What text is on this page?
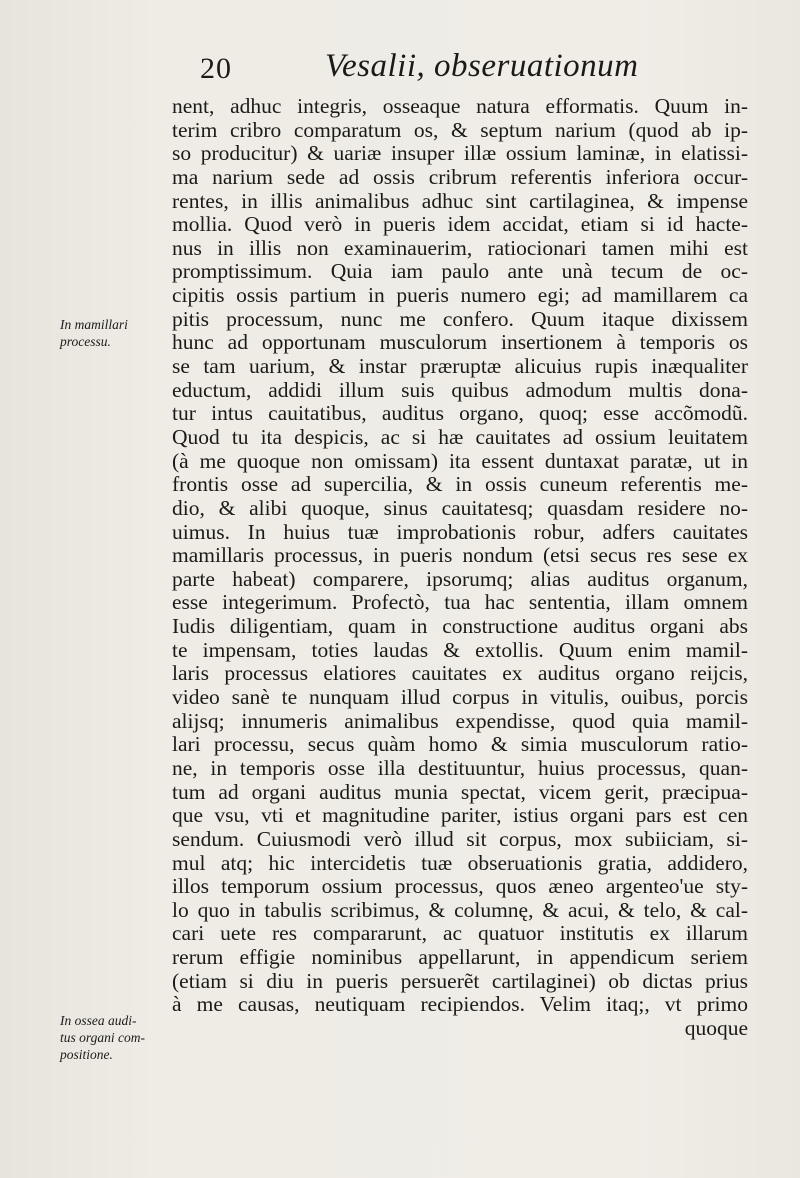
20	Vesalii, obseruationum
In mamillari
processu.
In ossea audi-
tus organi com-
positione.
nent, adhuc integris, osseaque natura efformatis. Quum in-
terim cribro comparatum os, & septum narium (quod ab ip-
so producitur) & uariæ insuper illæ ossium laminæ, in elatissi-
ma narium sede ad ossis cribrum referentis inferiora occur-
rentes, in illis animalibus adhuc sint cartilaginea, & impense
mollia. Quod verò in pueris idem accidat, etiam si id hacte-
nus in illis non examinauerim, ratiocionari tamen mihi est
promptissimum. Quia iam paulo ante unà tecum de oc-
cipitis ossis partium in pueris numero egi; ad mamillarem ca
pitis processum, nunc me confero. Quum itaque dixissem
hunc ad opportunam musculorum insertionem à temporis os
se tam uarium, & instar præruptæ alicuius rupis inæqualiter
eductum, addidi illum suis quibus admodum multis dona-
tur intus cauitatibus, auditus organo, quoq; esse accõmodũ.
Quod tu ita despicis, ac si hæ cauitates ad ossium leuitatem
(à me quoque non omissam) ita essent duntaxat paratæ, ut in
frontis osse ad supercilia, & in ossis cuneum referentis me-
dio, & alibi quoque, sinus cauitatesq; quasdam residere no-
uimus. In huius tuæ improbationis robur, adfers cauitates
mamillaris processus, in pueris nondum (etsi secus res sese ex
parte habeat) comparere, ipsorumq; alias auditus organum,
esse integerimum. Profectò, tua hac sententia, illam omnem
Iudis diligentiam, quam in constructione auditus organi abs
te impensam, toties laudas & extollis. Quum enim mamil-
laris processus elatiores cauitates ex auditus organo reijcis,
video sanè te nunquam illud corpus in vitulis, ouibus, porcis
alijsq; innumeris animalibus expendisse, quod quia mamil-
lari processu, secus quàm homo & simia musculorum ratio-
ne, in temporis osse illa destituuntur, huius processus, quan-
tum ad organi auditus munia spectat, vicem gerit, præcipua-
que vsu, vti et magnitudine pariter, istius organi pars est cen
sendum. Cuiusmodi verò illud sit corpus, mox subiiciam, si-
mul atq; hic intercidetis tuæ obseruationis gratia, addidero,
illos temporum ossium processus, quos æneo argenteo'ue sty-
lo quo in tabulis scribimus, & columnę, & acui, & telo, & cal-
cari uete res compararunt, ac quatuor institutis ex illarum
rerum effigie nominibus appellarunt, in appendicum seriem
(etiam si diu in pueris persuerẽt cartilaginei) ob dictas prius
à me causas, neutiquam recipiendos. Velim itaq;, vt primo
quoque
